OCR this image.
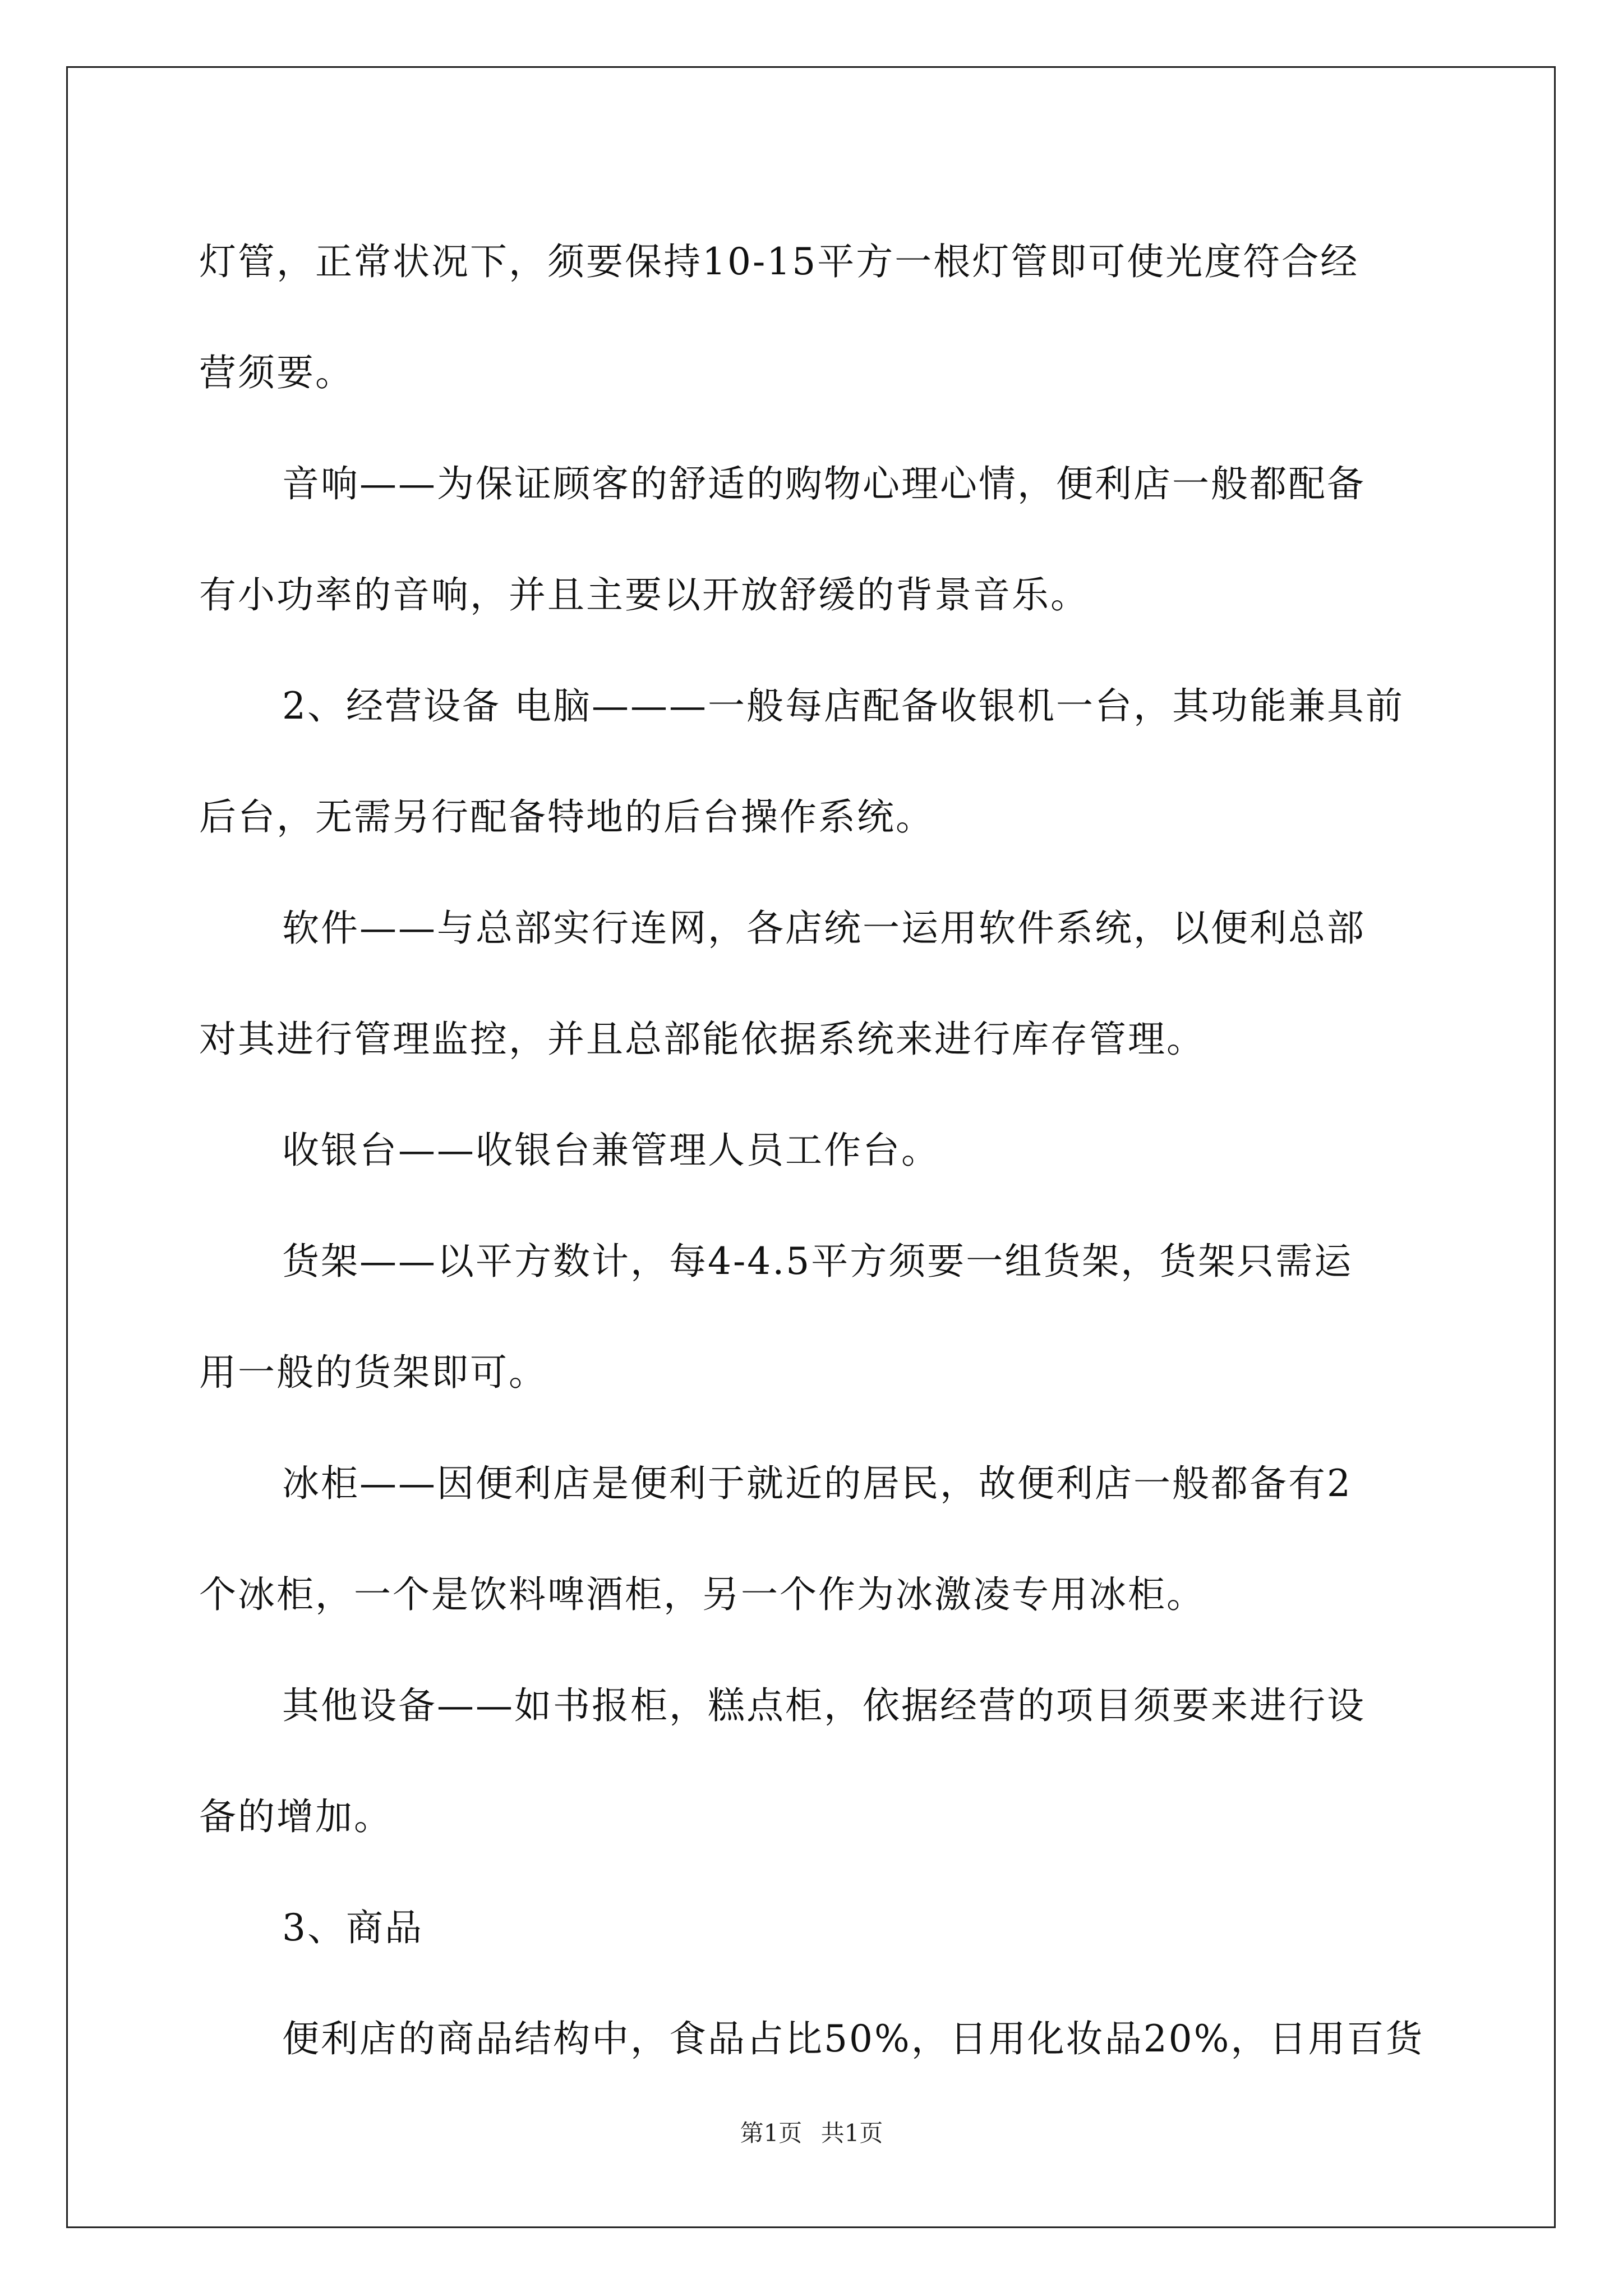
灯管，正常状况下，须要保持10-15平方一根灯管即可使光度符合经
营须要。

音响——为保证顾客的舒适的购物心理心情，便利店一般都配备
有小功率的音响，并且主要以开放舒缓的背景音乐。

2、经营设备 电脑———一般每店配备收银机一台，其功能兼具前
后台，无需另行配备特地的后台操作系统。

软件——与总部实行连网，各店统一运用软件系统，以便利总部
对其进行管理监控，并且总部能依据系统来进行库存管理。

收银台——收银台兼管理人员工作台。

货架——以平方数计，每4-4.5平方须要一组货架，货架只需运
用一般的货架即可。

冰柜——因便利店是便利于就近的居民，故便利店一般都备有2
个冰柜，一个是饮料啤酒柜，另一个作为冰激凌专用冰柜。

其他设备——如书报柜，糕点柜，依据经营的项目须要来进行设
备的增加。

3、商品

便利店的商品结构中，食品占比50%，日用化妆品20%，日用百货

第1页 共1页
